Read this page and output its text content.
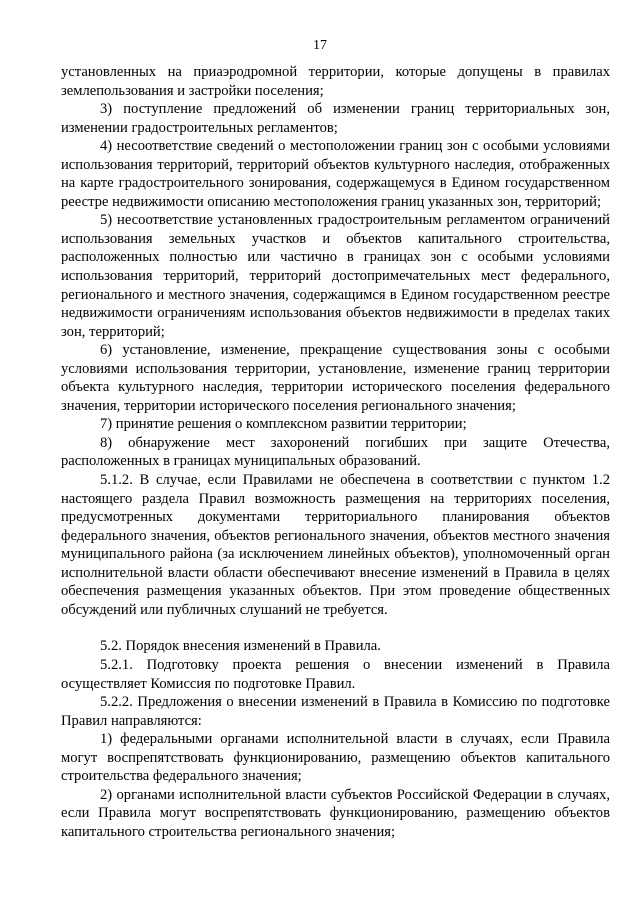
17

установленных на приаэродромной территории, которые допущены в правилах землепользования и застройки поселения;

3) поступление предложений об изменении границ территориальных зон, изменении градостроительных регламентов;

4) несоответствие сведений о местоположении границ зон с особыми условиями использования территорий, территорий объектов культурного наследия, отображенных на карте градостроительного зонирования, содержащемуся в Едином государственном реестре недвижимости описанию местоположения границ указанных зон, территорий;

5) несоответствие установленных градостроительным регламентом ограничений использования земельных участков и объектов капитального строительства, расположенных полностью или частично в границах зон с особыми условиями использования территорий, территорий достопримечательных мест федерального, регионального и местного значения, содержащимся в Едином государственном реестре недвижимости ограничениям использования объектов недвижимости в пределах таких зон, территорий;

6) установление, изменение, прекращение существования зоны с особыми условиями использования территории, установление, изменение границ территории объекта культурного наследия, территории исторического поселения федерального значения, территории исторического поселения регионального значения;

7) принятие решения о комплексном развитии территории;

8) обнаружение мест захоронений погибших при защите Отечества, расположенных в границах муниципальных образований.

5.1.2. В случае, если Правилами не обеспечена в соответствии с пунктом 1.2 настоящего раздела Правил возможность размещения на территориях поселения, предусмотренных документами территориального планирования объектов федерального значения, объектов регионального значения, объектов местного значения муниципального района (за исключением линейных объектов), уполномоченный орган исполнительной власти области обеспечивают внесение изменений в Правила в целях обеспечения размещения указанных объектов. При этом проведение общественных обсуждений или публичных слушаний не требуется.

5.2. Порядок внесения изменений в Правила.

5.2.1. Подготовку проекта решения о внесении изменений в Правила осуществляет Комиссия по подготовке Правил.

5.2.2. Предложения о внесении изменений в Правила в Комиссию по подготовке Правил направляются:

1) федеральными органами исполнительной власти в случаях, если Правила могут воспрепятствовать функционированию, размещению объектов капитального строительства федерального значения;

2) органами исполнительной власти субъектов Российской Федерации в случаях, если Правила могут воспрепятствовать функционированию, размещению объектов капитального строительства регионального значения;
